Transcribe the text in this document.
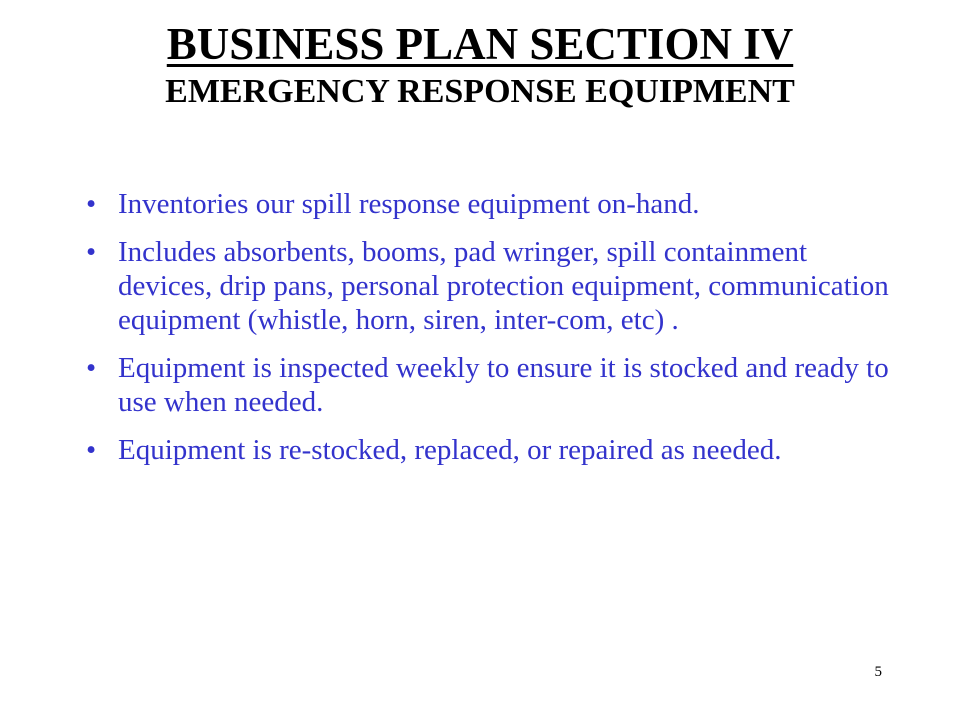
BUSINESS PLAN SECTION IV
EMERGENCY RESPONSE EQUIPMENT
• Inventories our spill response equipment on-hand.
• Includes absorbents, booms, pad wringer, spill containment devices, drip pans, personal protection equipment, communication equipment (whistle, horn, siren, inter-com, etc) .
• Equipment is inspected weekly to ensure it is stocked and ready to use when needed.
• Equipment is re-stocked, replaced, or repaired as needed.
5
